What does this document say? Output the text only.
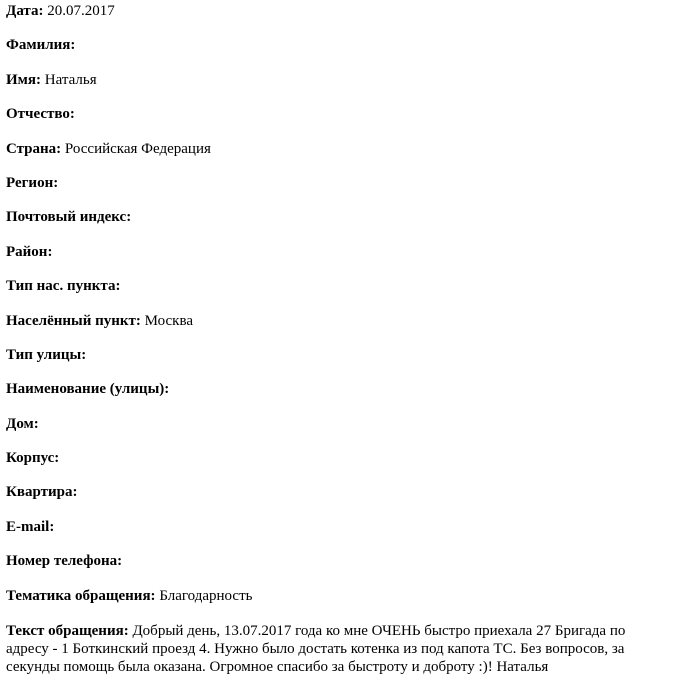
Дата: 20.07.2017

Фамилия:

Имя: Наталья

Отчество:

Страна: Российская Федерация

Регион:

Почтовый индекс:

Район:

Тип нас. пункта:

Населённый пункт: Москва

Тип улицы:

Наименование (улицы):

Дом:

Корпус:

Квартира:

E-mail:

Номер телефона:

Тематика обращения: Благодарность

Текст обращения: Добрый день, 13.07.2017 года ко мне ОЧЕНЬ быстро приехала 27 Бригада по адресу - 1 Боткинский проезд 4. Нужно было достать котенка из под капота ТС. Без вопросов, за секунды помощь была оказана. Огромное спасибо за быстроту и доброту :)! Наталья
